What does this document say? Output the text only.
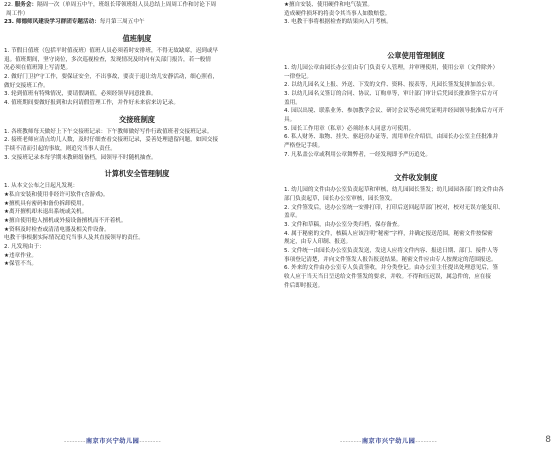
22. 服务会：隔周一次（单周五中午，班组长带领班组人员总结上周周工作和讨论下周
周工作）
23. 师德师风建设学习群团专题活动：每月第三周五中午
值班制度
1. 节假日值班（包括平时值夜班）值班人员必须着时安排班，不得无故缺席，迟到或早
退。值班期间，坚守岗位，多次巡视检查，发现情况及时向有关部门报告，若一般情
况必须在值班簿上写清楚。
2. 做好门卫护守工作，要保证安全，不出事故，要责于退让幼儿安静活动，细心照看，
做好交接班工作。
3. 轮到值班有特殊情况，要请假调值，必须经领导同意批准。
4. 值班期间要做好报到和去问请假管理工作，并作好未来宿来访记录。
交接班制度
1. 各班教师每天做好上下午交接班记录：下午教师做好写作行政值班者交接班记录。
2. 接班老师应清点幼儿人数，及时仔细查看交接班记录，妥善处理遗留问题，如因交接
手续不清而引起的事故，则追究当事人责任。
3. 交接班记录本每学期末教研组备档，园领导不时随机抽查。
计算机安全管理制度
1. 从本文公布之日起凡发现：
★私自安装和使用非经许可软件(含游戏)。
★擅机具有密码和备份拆卸使用。
★离开擅机却未退出系统或关机。
★擅自使用他人擅机或外接设备擅机而不开着机。
★资料及时检查或清清电器及相关件设备。
电教干事根据实际情况追究当事人及其直接领导的责任。
2. 凡发现由于：
★违章作业。
★保管不当。
--------南京市兴宁幼儿园--------
★擅自安装、使用硬件和电气装置。
造成硬件损坏的将责令其当事人如数赔偿。
3. 电教干事将根据检查的结果向入月考核。
公章使用管理制度
1. 幼儿园公章由园长办公室由专门负责专人管理，并审理使用，使用公章（文件除外）
一律登记。
2. 以幼儿园名义上报、外送、下发的文件、资料、报表等，凡园长签发复拼加盖公章。
3. 以幼儿园名义签订的合同、协议、订购单等，审计部门审计后凭园长批准签字后方可
盖用。
4. 园以出境、联系业务、参加教学会议、研讨会议等必须凭证明并经园领导批准后方可开
具。
5. 园长工作用章（私章）必须经本人同意方可使用。
6. 私人财务、取物、挂失、驱赶房办证等，需用单位介绍信，由园长办公室主任批准并
严格登记手续。
7. 凡私盖公章或利用公章舞弊者，一经发现即予严历追处。
文件收发制度
1. 幼儿园的文件由办公室负责起草和审核，幼儿园园长签发；幼儿园园各部门的文件由各
部门负责起草，园长办公室审核，园长签发。
2. 文件签发后，送办公室统一安排打印，打印后送回起草部门校对，校对无误方能复印、
盖章。
3. 文件和草稿，由办公室分类归档，保存备查。
4. 属于秘密的文件，核稿人应该注明“秘密”字样，并确定报送范围，秘密文件按保密
规定，由专人印制、报送。
5. 文件统一由园长办公室负责发送，发送人应将文件内容、报送日期、部门、接件人等
事项登记清楚，并向文件签发人报告报送结果。秘密文件应由专人按规定的范围报送。
6. 外来的文件由办公室专人负责签收，并分类登记。由办公室主任提出处理意见后，签
收人应于当天当日呈送给文件签发的要求，并收。不得和压迟误，属急件的，应在接
件后即时报送。
--------南京市兴宁幼儿园--------	8
